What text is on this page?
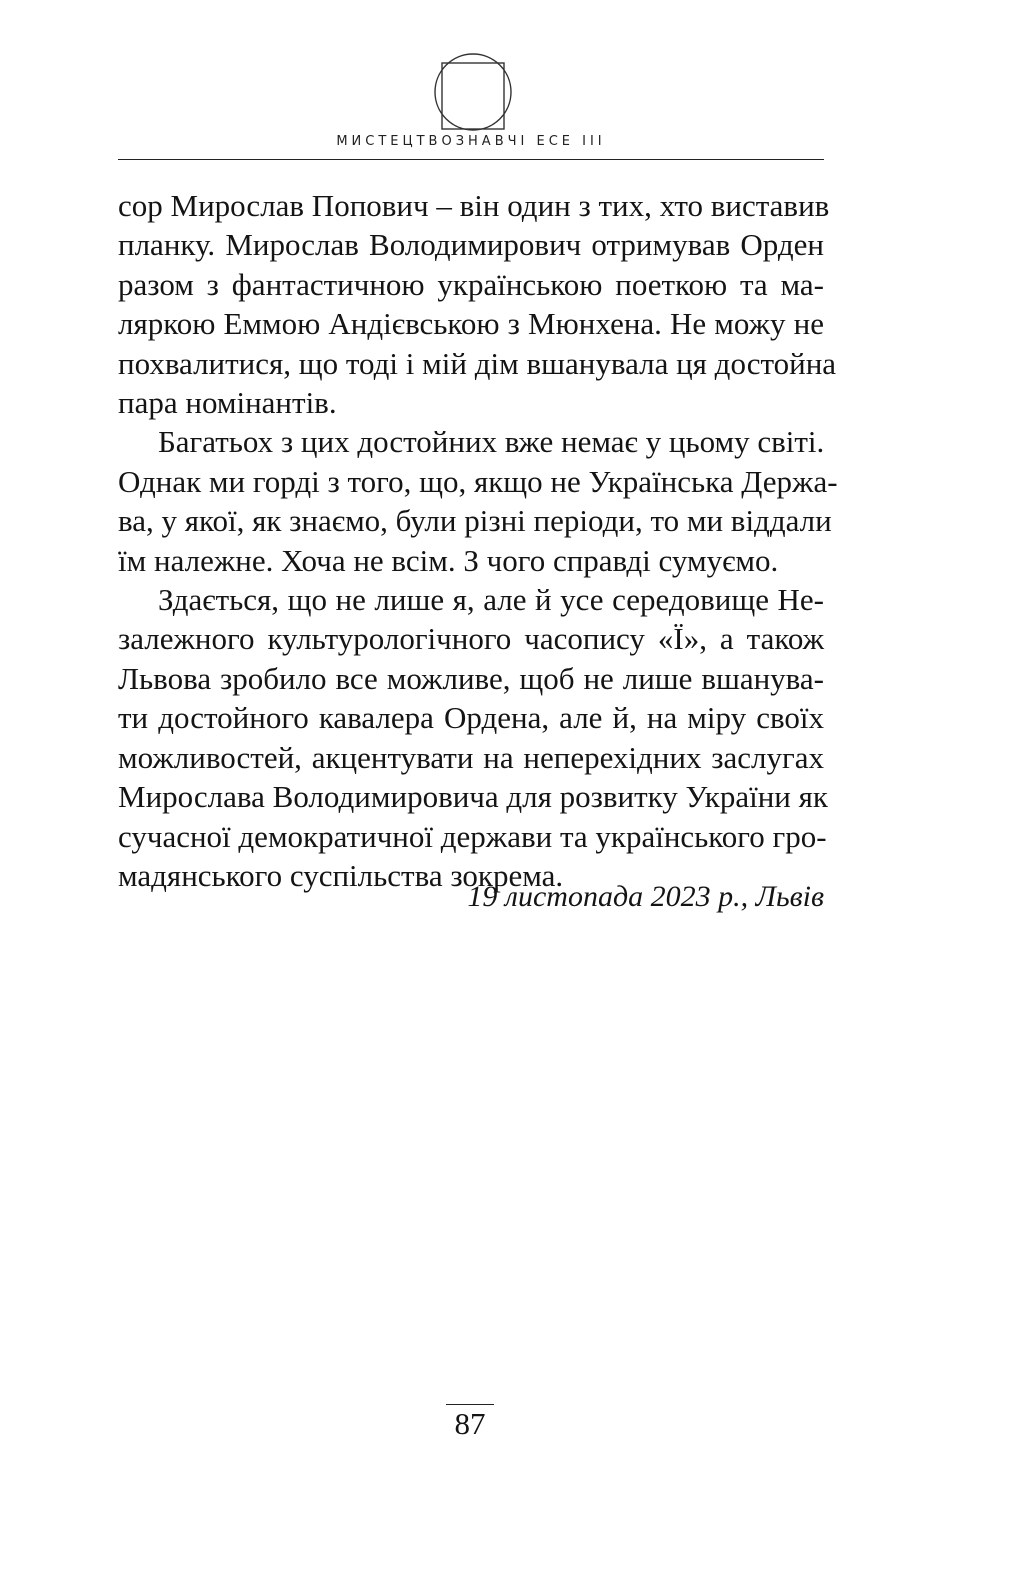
МИСТЕЦТВОЗНАВЧІ ЕСЕ III

сор Мирослав Попович – він один з тих, хто виставив
планку. Мирослав Володимирович отримував Орден
разом з фантастичною українською поеткою та ма-
ляркою Еммою Андієвською з Мюнхена. Не можу не
похвалитися, що тоді і мій дім вшанувала ця достойна
пара номінантів.

Багатьох з цих достойних вже немає у цьому світі.
Однак ми горді з того, що, якщо не Українська Держа-
ва, у якої, як знаємо, були різні періоди, то ми віддали
їм належне. Хоча не всім. З чого справді сумуємо.

Здається, що не лише я, але й усе середовище Не-
залежного культурологічного часопису «Ї», а також
Львова зробило все можливе, щоб не лише вшанува-
ти достойного кавалера Ордена, але й, на міру своїх
можливостей, акцентувати на неперехідних заслугах
Мирослава Володимировича для розвитку України як
сучасної демократичної держави та українського гро-
мадянського суспільства зокрема.

19 листопада 2023 р., Львів
87
